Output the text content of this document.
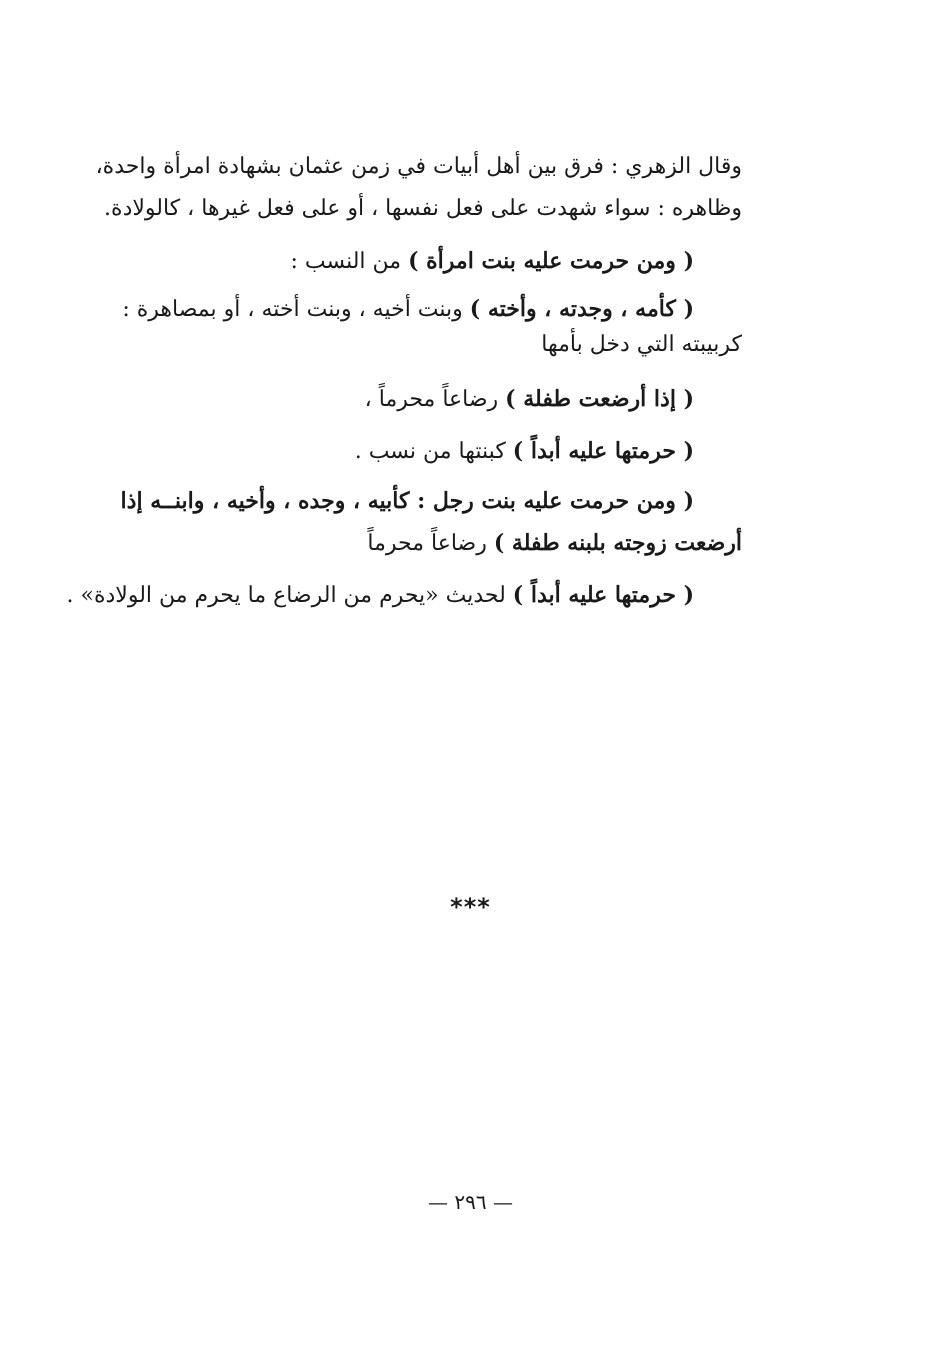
وقال الزهري : فرق بين أهل أبيات في زمن عثمان بشهادة امرأة واحدة،
وظاهره : سواء شهدت على فعل نفسها ، أو على فعل غيرها ، كالولادة.
( ومن حرمت عليه بنت امرأة ) من النسب :
( كأمه ، وجدته ، وأخته ) وبنت أخيه ، وبنت أخته ، أو بمصاهرة :
كربيبته التي دخل بأمها
( إذا أرضعت طفلة ) رضاعاً محرماً ،
( حرمتها عليه أبداً ) كبنتها من نسب .
( ومن حرمت عليه بنت رجل : كأبيه ، وجده ، وأخيه ، وابنــه إذا
أرضعت زوجته بلبنه طفلة ) رضاعاً محرماً
( حرمتها عليه أبداً ) لحديث «يحرم من الرضاع ما يحرم من الولادة» .
***
— ٢٩٦ —
